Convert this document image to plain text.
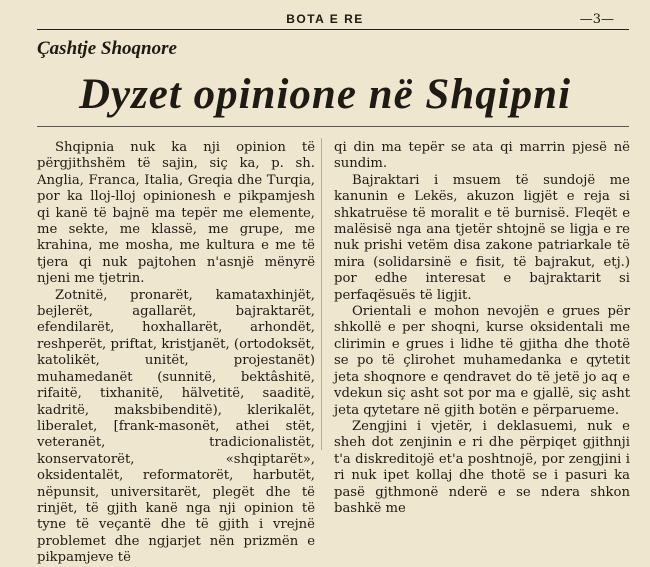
BOTA E RE	—3—
Çashtje Shoqnore
Dyzet opinione në Shqipni

Shqipnia nuk ka nji opinion të përgjithshëm të sajin, siç ka, p. sh. Anglia, Franca, Italia, Greqia dhe Turqia, por ka lloj-lloj opinionesh e pikpamjesh qi kanë të bajnë ma tepër me elemente, me sekte, me klassë, me grupe, me krahina, me mosha, me kultura e me të tjera qi nuk pajtohen n'asnjë mënyrë njeni me tjetrin.

Zotnitë, pronarët, kamataxhinjët, bejlerët, agallarët, bajraktarët, efendilarët, hoxhallarët, arhondët, reshperët, priftat, kristjanët, (ortodoksët, katolikët, unitët, projestanët) muhamedanët (sunnitë, bektâshitë, rifaitë, tixhanitë, hälvetitë, saaditë, kadritë, maksbibenditë), klerikalët, liberalet, [frank-masonët, athei stët, veteranët, tradicionalistët, konservatorët, «shqiptarët», oksidentalët, reformatorët, harbutët, nëpunsit, universitarët, plegët dhe të rinjët, të gjith kanë nga nji opinion të tyne të veçantë dhe të gjith i vrejnë problemet dhe ngjarjet nën prizmën e pikpamjeve të

qi din ma tepër se ata qi marrin pjesë në sundim.

Bajraktari i msuem të sundojë me kanunin e Lekës, akuzon ligjët e reja si shkatruëse të moralit e të burnisë. Fleqët e malësisë nga ana tjetër shtojnë se ligja e re nuk prishi vetëm disa zakone patriarkale të mira (solidarsinë e fisit, të bajrakut, etj.) por edhe interesat e bajraktarit si perfaqësuës të ligjit.

Orientali e mohon nevojën e grues për shkollë e per shoqni, kurse oksidentali me clirimin e grues i lidhe të gjitha dhe thotë se po të çlirohet muhamedanka e qytetit jeta shoqnore e qendravet do të jetë jo aq e vdekun siç asht sot por ma e gjallë, siç asht jeta qytetare në gjith botën e përparueme.

Zengjini i vjetër, i deklasuemi, nuk e sheh dot zenjinin e ri dhe përpiqet gjithnji t'a diskreditojë et'a poshtnojë, por zengjini i ri nuk ipet kollaj dhe thotë se i pasuri ka pasë gjthmonë nderë e se ndera shkon bashkë me
